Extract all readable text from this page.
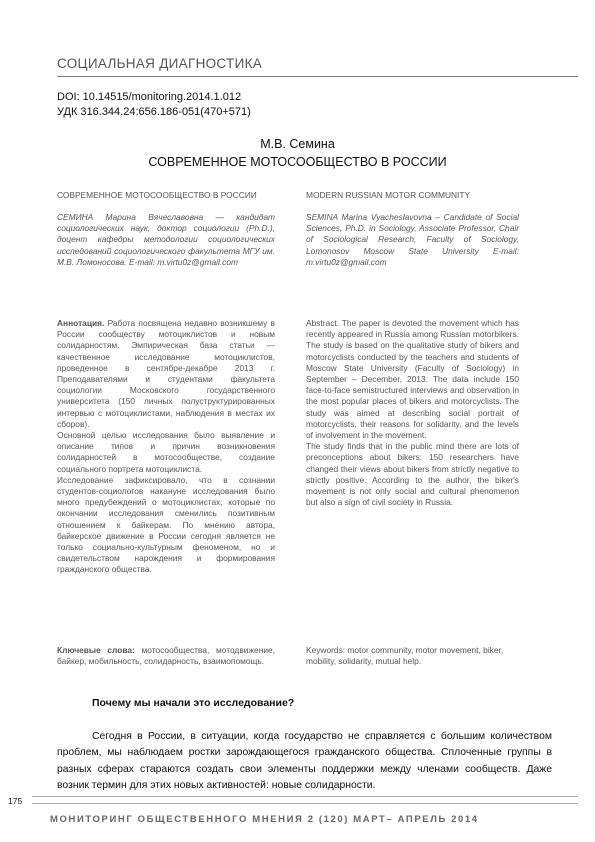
СОЦИАЛЬНАЯ ДИАГНОСТИКА
DOI: 10.14515/monitoring.2014.1.012
УДК 316.344.24:656.186-051(470+571)
М.В. Семина
СОВРЕМЕННОЕ МОТОСООБЩЕСТВО В РОССИИ
СОВРЕМЕННОЕ МОТОСООБЩЕСТВО В РОССИИ
СЕМИНА Марина Вячеславовна — кандидат социологических наук, доктор социологии (Ph.D.), доцент кафедры методологии социологических исследований социологического факультета МГУ им. М.В. Ломоносова. E-mail: m.virtu0z@gmail.com

Аннотация. Работа посвящена недавно возникшему в России сообществу мотоциклистов и новым солидарностям. Эмпирическая база статьи — качественное исследование мотоциклистов, проведенное в сентябре-декабре 2013 г. Преподавателями и студентами факультета социологии Московского государственного университета (150 личных полуструктурированных интервью с мотоциклистами, наблюдения в местах их сборов).

Основной целью исследования было выявление и описание типов и причин возникновения солидарностей в мотосообществе, создание социального портрета мотоциклиста.

Исследование зафиксировало, что в сознании студентов-социологов накануне исследования было много предубеждений о мотоциклистах, которые по окончании исследования сменились позитивным отношением к байкерам. По мнению автора, байкерское движение в России сегодня является не только социально-культурным феноменом, но и свидетельством нарождения и формирования гражданского общества.

Ключевые слова: мотосообщества, мотодвижение, байкер, мобильность, солидарность, взаимопомощь.
MODERN RUSSIAN MOTOR COMMUNITY
SEMINA Marina Vyacheslavovna – Candidate of Social Sciences, Ph.D. in Sociology, Associate Professor, Chair of Sociological Research, Faculty of Sociology, Lomonosov Moscow State University E-mail: m.virtu0z@gmail.com

Abstract. The paper is devoted the movement which has recently appeared in Russia among Russian motorbikers. The study is based on the qualitative study of bikers and motorcyclists conducted by the teachers and students of Moscow State University (Faculty of Sociology) in September – December, 2013. The data include 150 face-to-face semistructured interviews and observation in the most popular places of bikers and motorcyclists. The study was aimed at describing social portrait of motorcyclists, their reasons for solidarity, and the levels of involvement in the movement.

The study finds that in the public mind there are lots of preconceptions about bikers: 150 researchers have changed their views about bikers from strictly negative to strictly positive. According to the author, the biker's movement is not only social and cultural phenomenon but also a sign of civil society in Russia.

Keywords: motor community, motor movement, biker, mobility, solidarity, mutual help.
Почему мы начали это исследование?

Сегодня в России, в ситуации, когда государство не справляется с большим количеством проблем, мы наблюдаем ростки зарождающегося гражданского общества. Сплоченные группы в разных сферах стараются создать свои элементы поддержки между членами сообществ. Даже возник термин для этих новых активностей: новые солидарности.

175
МОНИТОРИНГ ОБЩЕСТВЕННОГО МНЕНИЯ 2 (120) МАРТ– АПРЕЛЬ 2014
